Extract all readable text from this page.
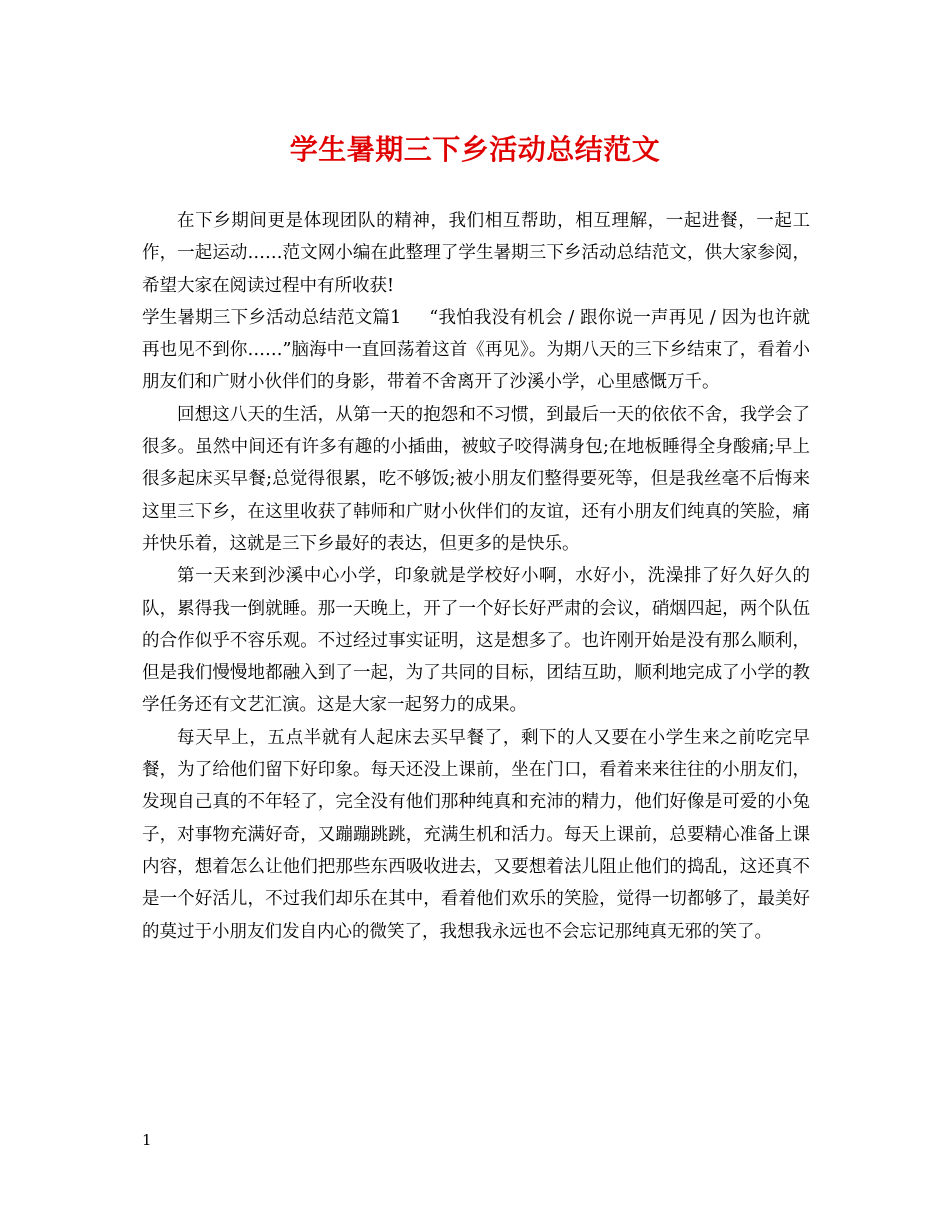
学生暑期三下乡活动总结范文

在下乡期间更是体现团队的精神，我们相互帮助，相互理解，一起进餐，一起工作，一起运动……范文网小编在此整理了学生暑期三下乡活动总结范文，供大家参阅，希望大家在阅读过程中有所收获!

学生暑期三下乡活动总结范文篇1 “我怕我没有机会 / 跟你说一声再见 / 因为也许就再也见不到你……”脑海中一直回荡着这首《再见》。为期八天的三下乡结束了，看着小朋友们和广财小伙伴们的身影，带着不舍离开了沙溪小学，心里感慨万千。

回想这八天的生活，从第一天的抱怨和不习惯，到最后一天的依依不舍，我学会了很多。虽然中间还有许多有趣的小插曲，被蚊子咬得满身包;在地板睡得全身酸痛;早上很多起床买早餐;总觉得很累，吃不够饭;被小朋友们整得要死等，但是我丝毫不后悔来这里三下乡，在这里收获了韩师和广财小伙伴们的友谊，还有小朋友们纯真的笑脸，痛并快乐着，这就是三下乡最好的表达，但更多的是快乐。

第一天来到沙溪中心小学，印象就是学校好小啊，水好小，洗澡排了好久好久的队，累得我一倒就睡。那一天晚上，开了一个好长好严肃的会议，硝烟四起，两个队伍的合作似乎不容乐观。不过经过事实证明，这是想多了。也许刚开始是没有那么顺利，但是我们慢慢地都融入到了一起，为了共同的目标，团结互助，顺利地完成了小学的教学任务还有文艺汇演。这是大家一起努力的成果。

每天早上，五点半就有人起床去买早餐了，剩下的人又要在小学生来之前吃完早餐，为了给他们留下好印象。每天还没上课前，坐在门口，看着来来往往的小朋友们，发现自己真的不年轻了，完全没有他们那种纯真和充沛的精力，他们好像是可爱的小兔子，对事物充满好奇，又蹦蹦跳跳，充满生机和活力。每天上课前，总要精心准备上课内容，想着怎么让他们把那些东西吸收进去，又要想着法儿阻止他们的捣乱，这还真不是一个好活儿，不过我们却乐在其中，看着他们欢乐的笑脸，觉得一切都够了，最美好的莫过于小朋友们发自内心的微笑了，我想我永远也不会忘记那纯真无邪的笑了。

1
